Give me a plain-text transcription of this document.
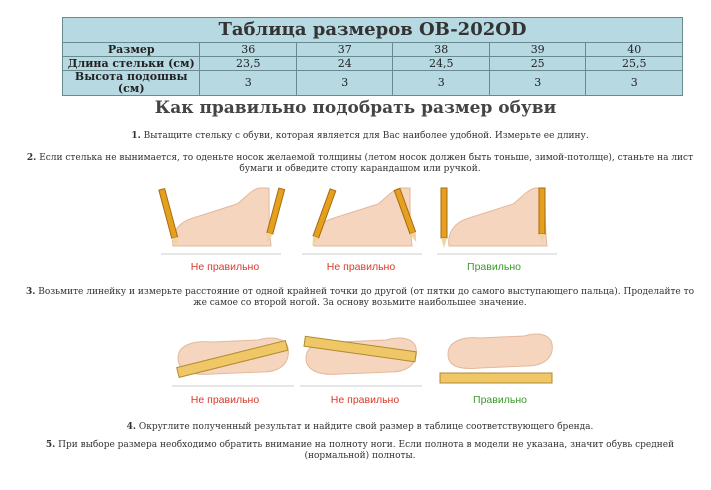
Таблица размеров OB-202OD					
Размер	36	37	38	39	40
Длина стельки (см)	23,5	24	24,5	25	25,5
Высота подошвы (см)	3	3	3	3	3
Как правильно подобрать размер обуви
1. Вытащите стельку с обуви, которая является для Вас наиболее удобной. Измерьте ее длину.
2. Если стелька не вынимается, то оденьте носок желаемой толщины (летом носок должен быть тоньше, зимой-потолще), станьте на лист бумаги и обведите стопу карандашом или ручкой.
Не правильно	Не правильно	Правильно
3. Возьмите линейку и измерьте расстояние от одной крайней точки до другой (от пятки до самого выступающего пальца). Проделайте то же самое со второй ногой. За основу возьмите наибольшее значение.
Не правильно	Не правильно	Правильно
4. Округлите полученный результат и найдите свой размер в таблице соответствующего бренда.
5. При выборе размера необходимо обратить внимание на полноту ноги. Если полнота в модели не указана, значит обувь средней (нормальной) полноты.
